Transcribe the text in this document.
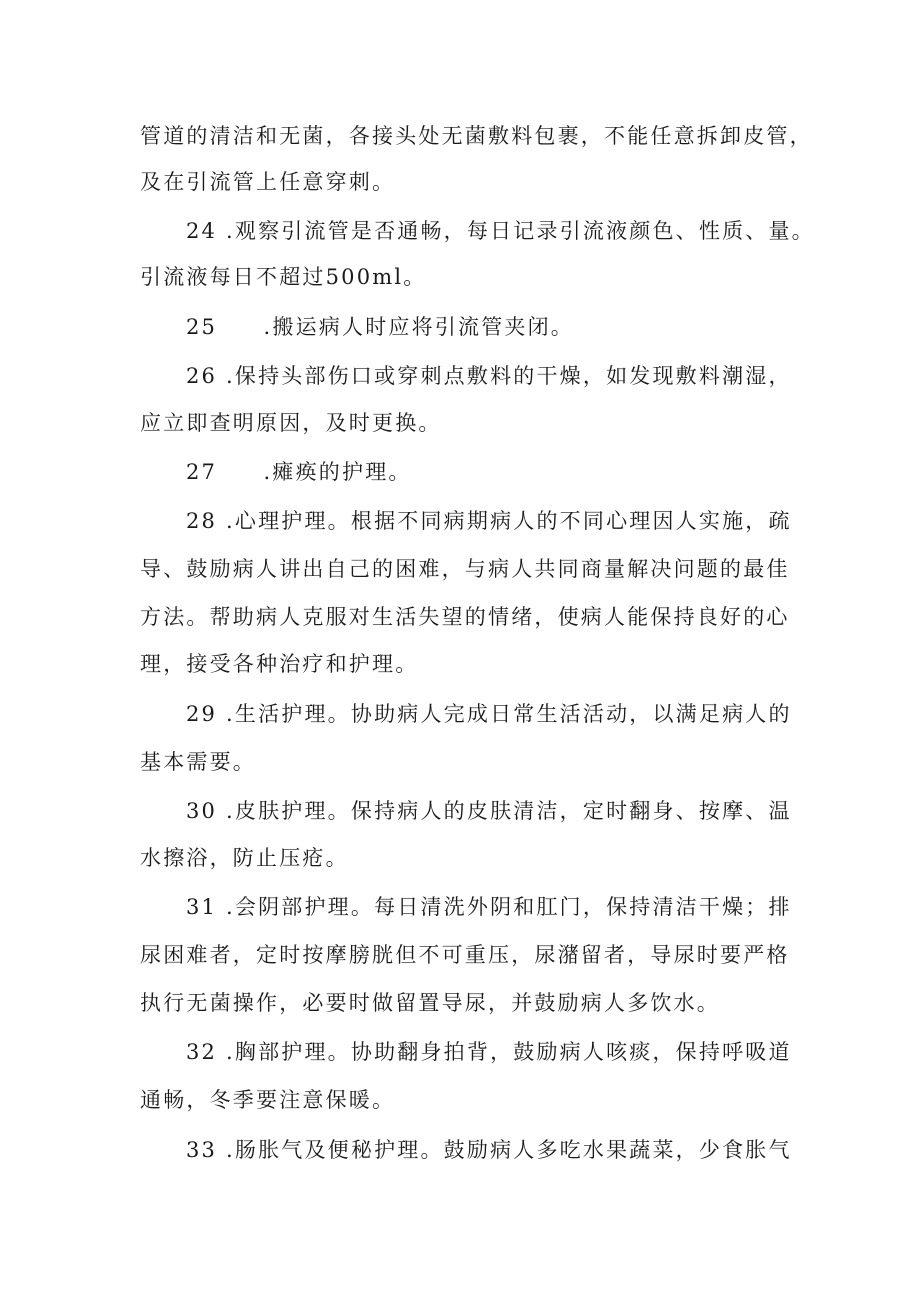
管道的清洁和无菌，各接头处无菌敷料包裹，不能任意拆卸皮管，
及在引流管上任意穿刺。
24 .观察引流管是否通畅，每日记录引流液颜色、性质、量。
引流液每日不超过500ml。
25　　.搬运病人时应将引流管夹闭。
26 .保持头部伤口或穿刺点敷料的干燥，如发现敷料潮湿，
应立即查明原因，及时更换。
27　　.瘫痪的护理。
28 .心理护理。根据不同病期病人的不同心理因人实施，疏
导、鼓励病人讲出自己的困难，与病人共同商量解决问题的最佳
方法。帮助病人克服对生活失望的情绪，使病人能保持良好的心
理，接受各种治疗和护理。
29 .生活护理。协助病人完成日常生活活动，以满足病人的
基本需要。
30 .皮肤护理。保持病人的皮肤清洁，定时翻身、按摩、温
水擦浴，防止压疮。
31 .会阴部护理。每日清洗外阴和肛门，保持清洁干燥；排
尿困难者，定时按摩膀胱但不可重压，尿潴留者，导尿时要严格
执行无菌操作，必要时做留置导尿，并鼓励病人多饮水。
32 .胸部护理。协助翻身拍背，鼓励病人咳痰，保持呼吸道
通畅，冬季要注意保暖。
33 .肠胀气及便秘护理。鼓励病人多吃水果蔬菜，少食胀气
